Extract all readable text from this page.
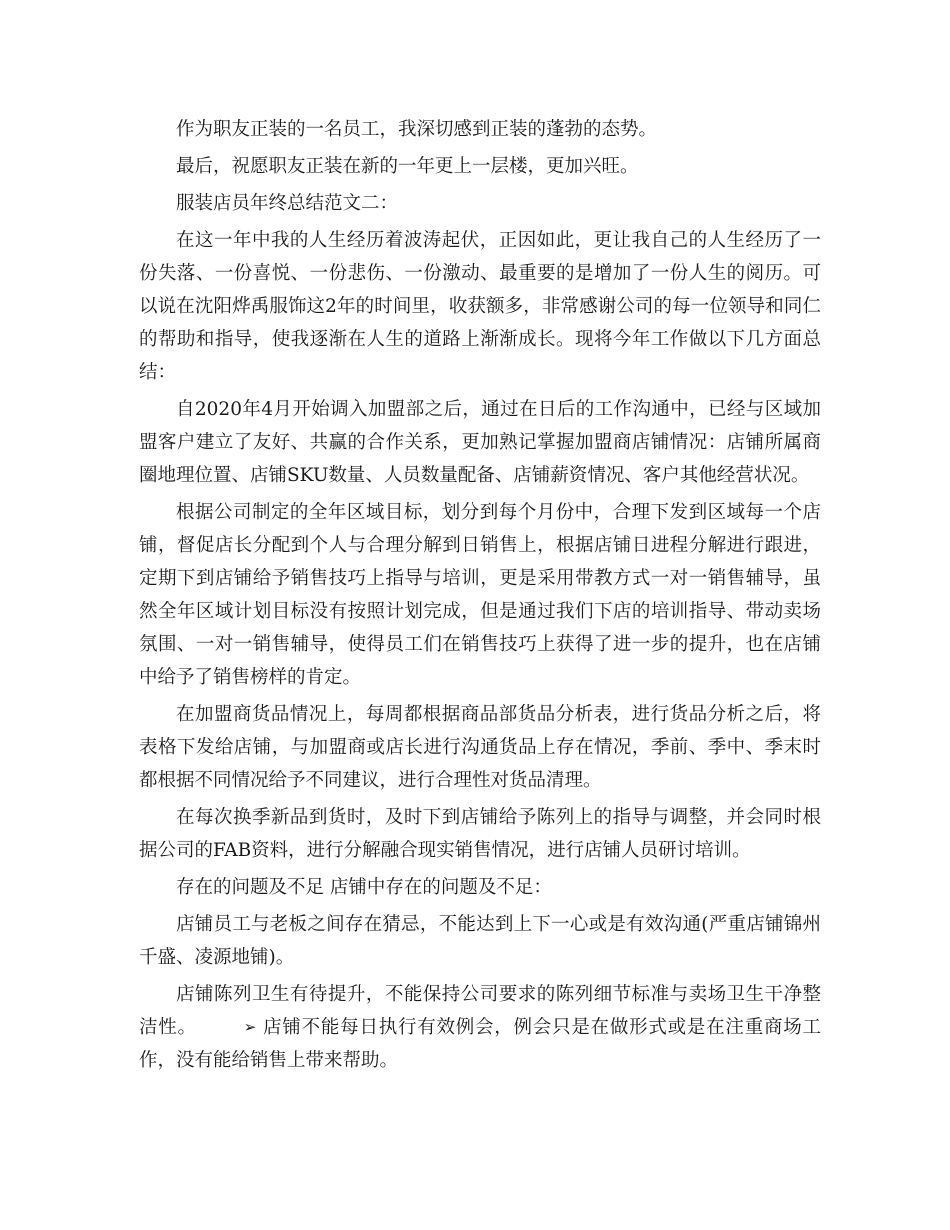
作为职友正装的一名员工，我深切感到正装的蓬勃的态势。

最后，祝愿职友正装在新的一年更上一层楼，更加兴旺。

服装店员年终总结范文二：

在这一年中我的人生经历着波涛起伏，正因如此，更让我自己的人生经历了一份失落、一份喜悦、一份悲伤、一份激动、最重要的是增加了一份人生的阅历。可以说在沈阳烨禹服饰这2年的时间里，收获额多，非常感谢公司的每一位领导和同仁的帮助和指导，使我逐渐在人生的道路上渐渐成长。现将今年工作做以下几方面总结：

自2020年4月开始调入加盟部之后，通过在日后的工作沟通中，已经与区域加盟客户建立了友好、共赢的合作关系，更加熟记掌握加盟商店铺情况：店铺所属商圈地理位置、店铺SKU数量、人员数量配备、店铺薪资情况、客户其他经营状况。

根据公司制定的全年区域目标，划分到每个月份中，合理下发到区域每一个店铺，督促店长分配到个人与合理分解到日销售上，根据店铺日进程分解进行跟进，定期下到店铺给予销售技巧上指导与培训，更是采用带教方式一对一销售辅导，虽然全年区域计划目标没有按照计划完成，但是通过我们下店的培训指导、带动卖场氛围、一对一销售辅导，使得员工们在销售技巧上获得了进一步的提升，也在店铺中给予了销售榜样的肯定。

在加盟商货品情况上，每周都根据商品部货品分析表，进行货品分析之后，将表格下发给店铺，与加盟商或店长进行沟通货品上存在情况，季前、季中、季末时都根据不同情况给予不同建议，进行合理性对货品清理。

在每次换季新品到货时，及时下到店铺给予陈列上的指导与调整，并会同时根据公司的FAB资料，进行分解融合现实销售情况，进行店铺人员研讨培训。

存在的问题及不足 店铺中存在的问题及不足：

店铺员工与老板之间存在猜忌，不能达到上下一心或是有效沟通(严重店铺锦州千盛、凌源地铺)。

店铺陈列卫生有待提升，不能保持公司要求的陈列细节标准与卖场卫生干净整洁性。	➢ 店铺不能每日执行有效例会，例会只是在做形式或是在注重商场工作，没有能给销售上带来帮助。
